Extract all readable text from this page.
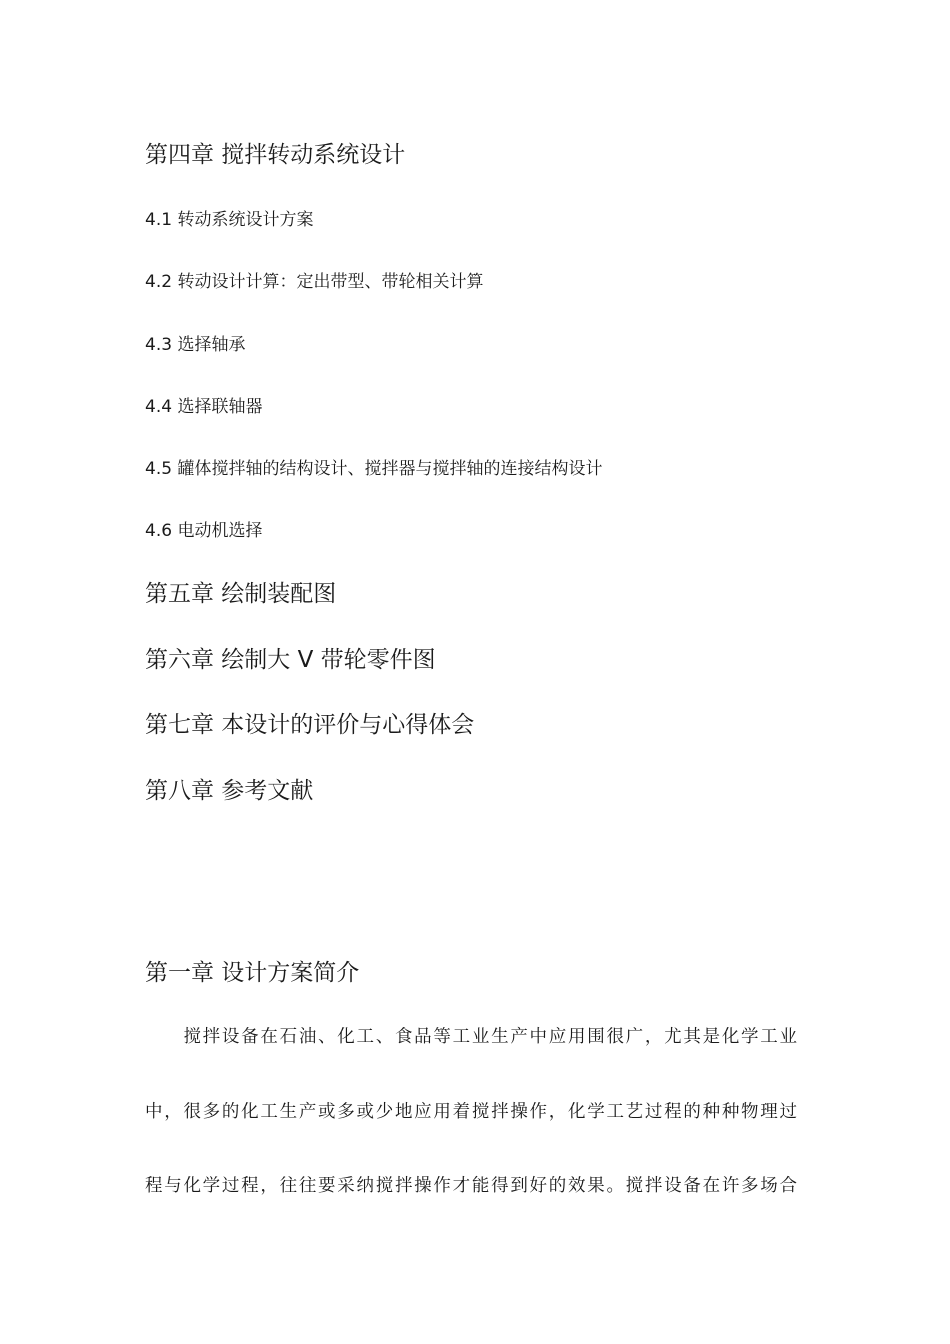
第四章 搅拌转动系统设计

4.1 转动系统设计方案

4.2 转动设计计算：定出带型、带轮相关计算

4.3 选择轴承

4.4 选择联轴器

4.5 罐体搅拌轴的结构设计、搅拌器与搅拌轴的连接结构设计

4.6 电动机选择

第五章 绘制装配图
第六章 绘制大 V 带轮零件图
第七章 本设计的评价与心得体会
第八章 参考文献
第一章 设计方案简介

　　搅拌设备在石油、化工、食品等工业生产中应用围很广，尤其是化学工业

中，很多的化工生产或多或少地应用着搅拌操作，化学工艺过程的种种物理过

程与化学过程，往往要采纳搅拌操作才能得到好的效果。搅拌设备在许多场合
